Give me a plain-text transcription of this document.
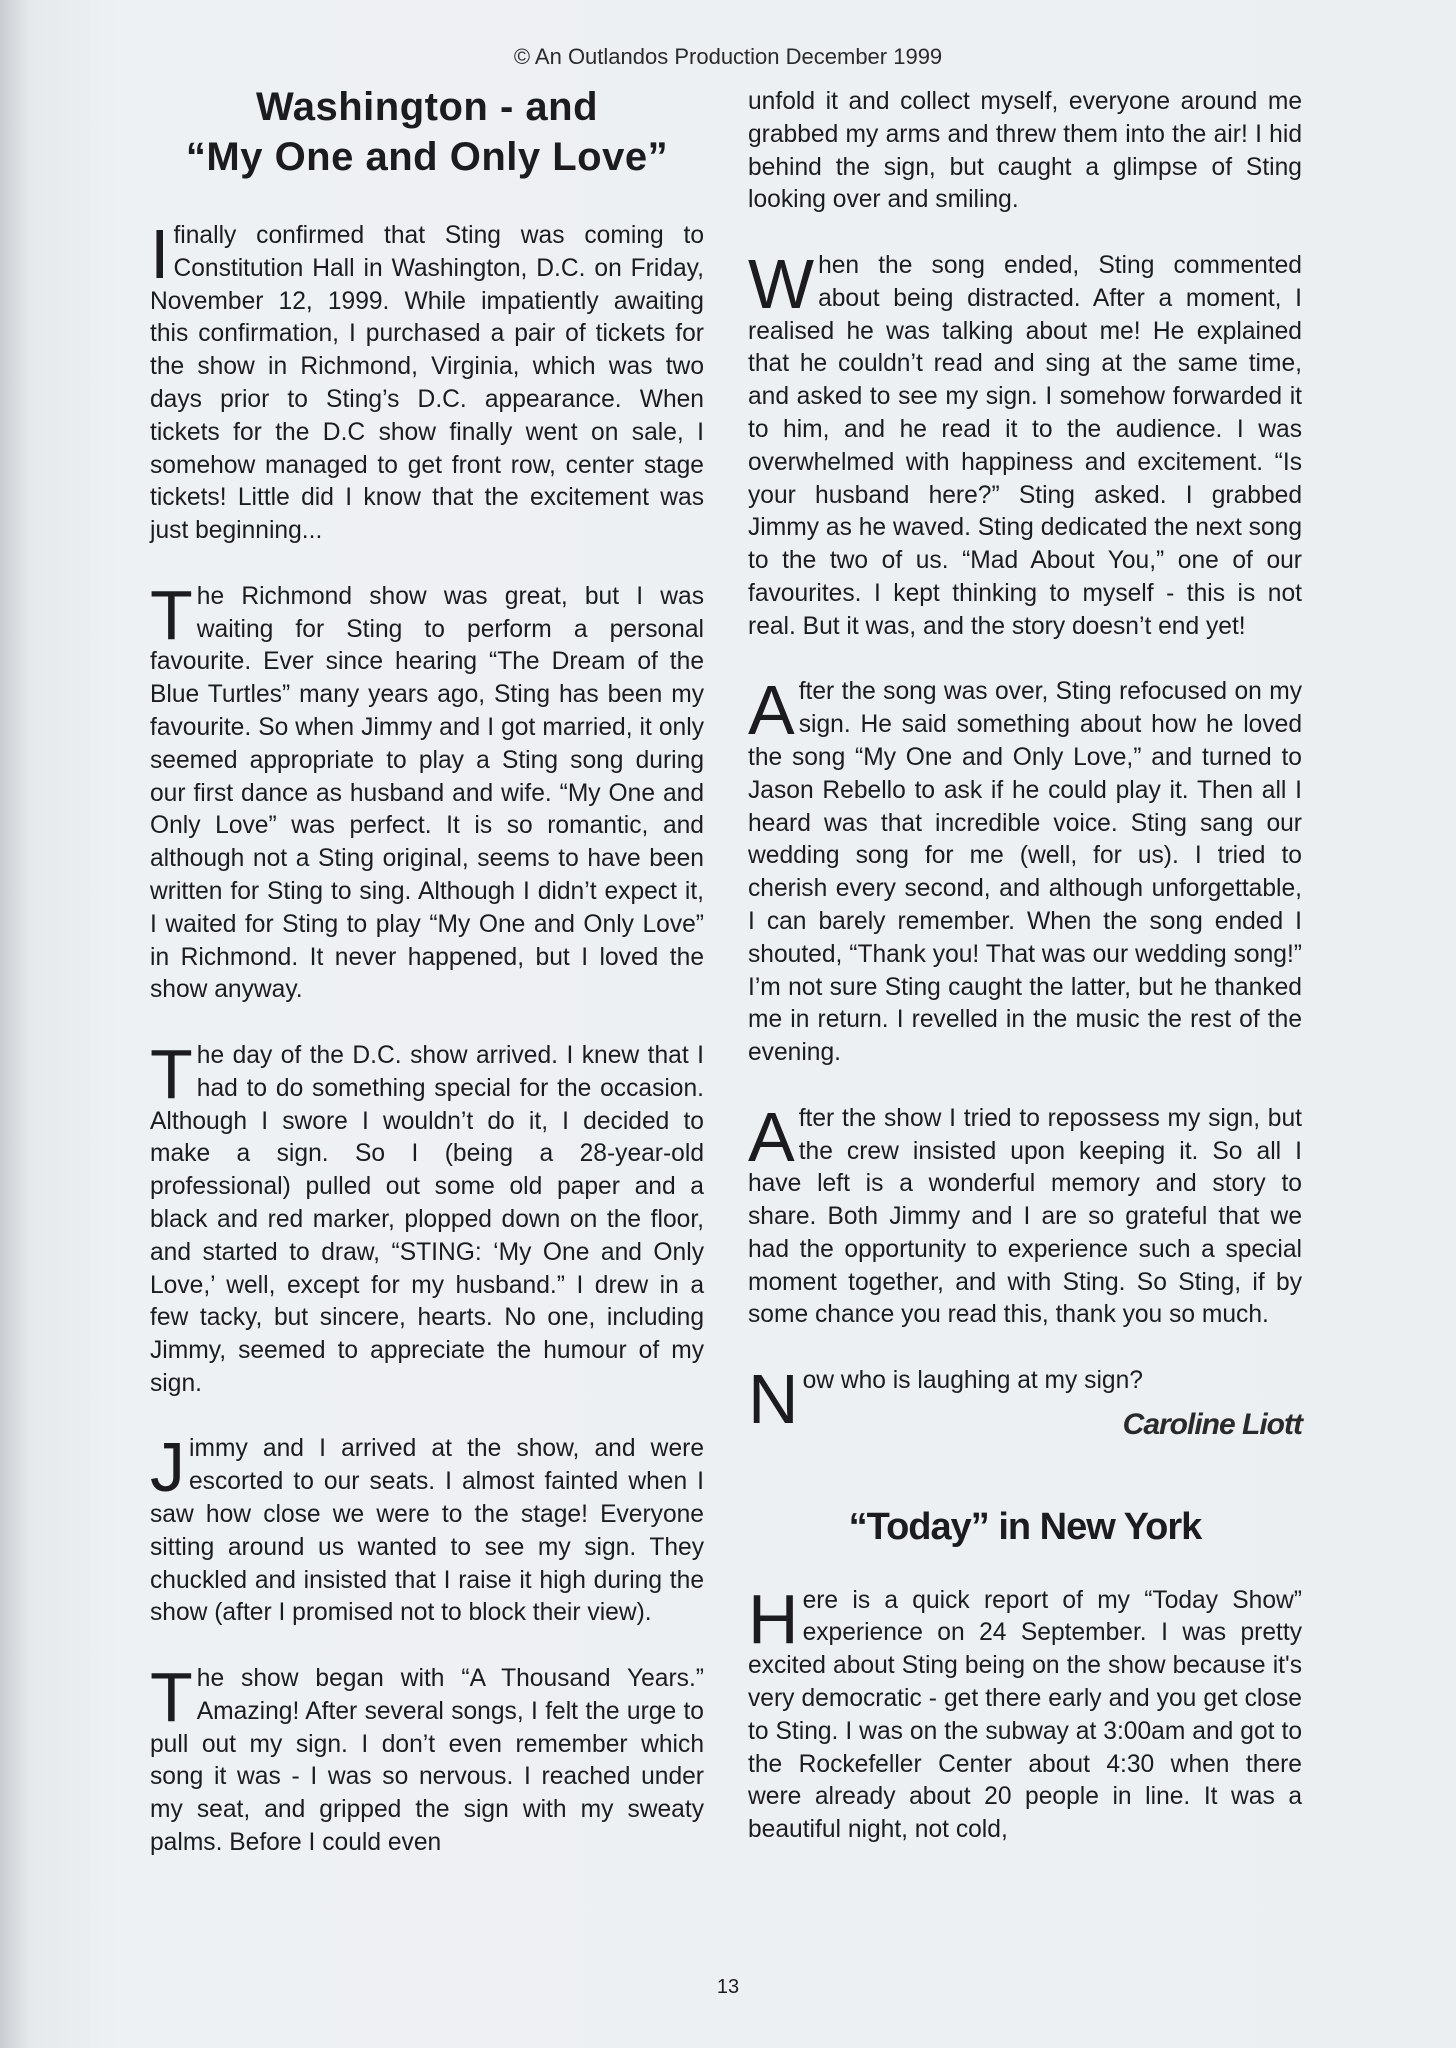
© An Outlandos Production December 1999
Washington - and
“My One and Only Love”

I finally confirmed that Sting was coming to Constitution Hall in Washington, D.C. on Friday, November 12, 1999. While impatiently awaiting this confirmation, I purchased a pair of tickets for the show in Richmond, Virginia, which was two days prior to Sting’s D.C. appearance. When tickets for the D.C show finally went on sale, I somehow managed to get front row, center stage tickets! Little did I know that the excitement was just beginning...

T he Richmond show was great, but I was waiting for Sting to perform a personal favourite. Ever since hearing “The Dream of the Blue Turtles” many years ago, Sting has been my favourite. So when Jimmy and I got married, it only seemed appropriate to play a Sting song during our first dance as husband and wife. “My One and Only Love” was perfect. It is so romantic, and although not a Sting original, seems to have been written for Sting to sing. Although I didn’t expect it, I waited for Sting to play “My One and Only Love” in Richmond. It never happened, but I loved the show anyway.

T he day of the D.C. show arrived. I knew that I had to do something special for the occasion. Although I swore I wouldn’t do it, I decided to make a sign. So I (being a 28-year-old professional) pulled out some old paper and a black and red marker, plopped down on the floor, and started to draw, “STING: ‘My One and Only Love,’ well, except for my husband.” I drew in a few tacky, but sincere, hearts. No one, including Jimmy, seemed to appreciate the humour of my sign.

J immy and I arrived at the show, and were escorted to our seats. I almost fainted when I saw how close we were to the stage! Everyone sitting around us wanted to see my sign. They chuckled and insisted that I raise it high during the show (after I promised not to block their view).

T he show began with “A Thousand Years.” Amazing! After several songs, I felt the urge to pull out my sign. I don’t even remember which song it was - I was so nervous. I reached under my seat, and gripped the sign with my sweaty palms. Before I could even

unfold it and collect myself, everyone around me grabbed my arms and threw them into the air! I hid behind the sign, but caught a glimpse of Sting looking over and smiling.

W hen the song ended, Sting commented about being distracted. After a moment, I realised he was talking about me! He explained that he couldn’t read and sing at the same time, and asked to see my sign. I somehow forwarded it to him, and he read it to the audience. I was overwhelmed with happiness and excitement. “Is your husband here?” Sting asked. I grabbed Jimmy as he waved. Sting dedicated the next song to the two of us. “Mad About You,” one of our favourites. I kept thinking to myself - this is not real. But it was, and the story doesn’t end yet!

A fter the song was over, Sting refocused on my sign. He said something about how he loved the song “My One and Only Love,” and turned to Jason Rebello to ask if he could play it. Then all I heard was that incredible voice. Sting sang our wedding song for me (well, for us). I tried to cherish every second, and although unforgettable, I can barely remember. When the song ended I shouted, “Thank you! That was our wedding song!” I’m not sure Sting caught the latter, but he thanked me in return. I revelled in the music the rest of the evening.

A fter the show I tried to repossess my sign, but the crew insisted upon keeping it. So all I have left is a wonderful memory and story to share. Both Jimmy and I are so grateful that we had the opportunity to experience such a special moment together, and with Sting. So Sting, if by some chance you read this, thank you so much.

N ow who is laughing at my sign?

Caroline Liott
“Today” in New York

H ere is a quick report of my “Today Show” experience on 24 September. I was pretty excited about Sting being on the show because it's very democratic - get there early and you get close to Sting. I was on the subway at 3:00am and got to the Rockefeller Center about 4:30 when there were already about 20 people in line. It was a beautiful night, not cold,

13
